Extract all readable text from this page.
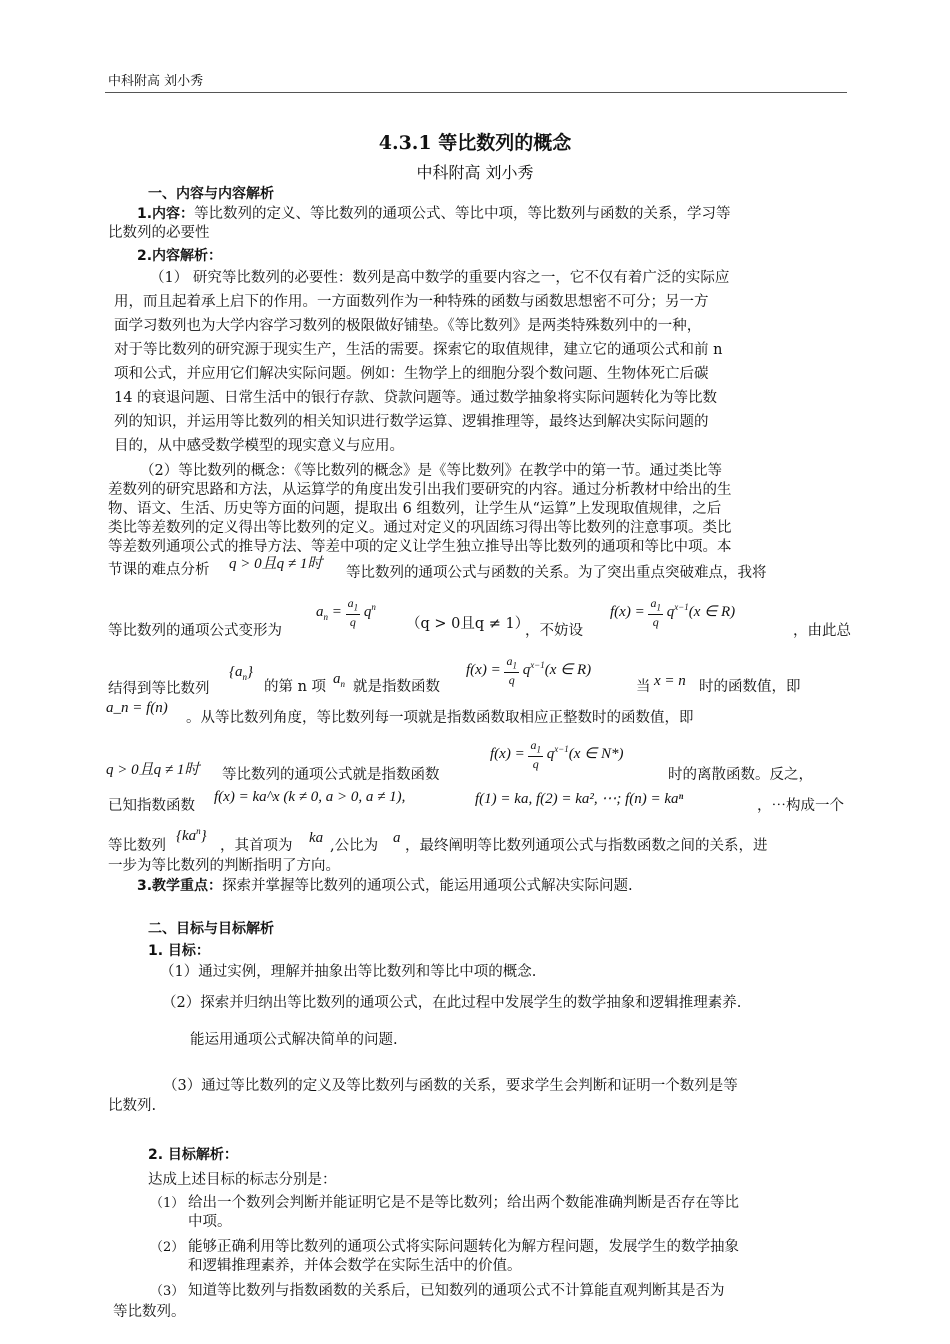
中科附高 刘小秀
4.3.1 等比数列的概念
中科附高 刘小秀
一、内容与内容解析
1.内容：等比数列的定义、等比数列的通项公式、等比中项，等比数列与函数的关系，学习等
比数列的必要性
2.内容解析：
（1） 研究等比数列的必要性：数列是高中数学的重要内容之一，它不仅有着广泛的实际应
用，而且起着承上启下的作用。一方面数列作为一种特殊的函数与函数思想密不可分；另一方
面学习数列也为大学内容学习数列的极限做好铺垫。《等比数列》是两类特殊数列中的一种，
对于等比数列的研究源于现实生产，生活的需要。探索它的取值规律，建立它的通项公式和前 n
项和公式，并应用它们解决实际问题。例如：生物学上的细胞分裂个数问题、生物体死亡后碳
14 的衰退问题、日常生活中的银行存款、贷款问题等。通过数学抽象将实际问题转化为等比数
列的知识，并运用等比数列的相关知识进行数学运算、逻辑推理等，最终达到解决实际问题的
目的，从中感受数学模型的现实意义与应用。
（2）等比数列的概念：《等比数列的概念》是《等比数列》在教学中的第一节。通过类比等
差数列的研究思路和方法，从运算学的角度出发引出我们要研究的内容。通过分析教材中给出的生
物、语文、生活、历史等方面的问题，提取出 6 组数列，让学生从“运算”上发现取值规律，之后
类比等差数列的定义得出等比数列的定义。通过对定义的巩固练习得出等比数列的注意事项。类比
等差数列通项公式的推导方法、等差中项的定义让学生独立推导出等比数列的通项和等比中项。本
节课的难点分析 q > 0且q ≠ 1时
等比数列的通项公式与函数的关系。为了突出重点突破难点，我将
$a_n = \frac{a_1}{q} q^n$	$f(x) = \frac{a_1}{q} q^{x-1}(x$ ∈ R)
等比数列的通项公式变形为	（q > 0且q ≠ 1）
，不妨设	，由此总
结得到等比数列
$\{a_n\}$
的第 n 项 $a_n$ 就是指数函数
$f(x) = \frac{a_1}{q} q^{x-1}(x$ ∈ R)
当 x = n 时的函数值，即
a_n = f(n)
。从等比数列角度，等比数列每一项就是指数函数取相应正整数时的函数值，即
$f(x) = \frac{a_1}{q} q^{x-1}(x$ ∈ N*)
q > 0且q ≠ 1时 等比数列的通项公式就是指数函数	时的离散函数。反之，
已知指数函数
f(x) = ka^x (k ≠ 0, a > 0, a ≠ 1),	f(1) = ka, f(2) = ka², ⋯; f(n) = kaⁿ	，⋯构成一个
等比数列
$\{ka^n\}$
，其首项为 ka ,公比为 a ，最终阐明等比数列通项公式与指数函数之间的关系，进
一步为等比数列的判断指明了方向。
3.教学重点：探索并掌握等比数列的通项公式，能运用通项公式解决实际问题.
二、目标与目标解析
1. 目标：
（1）通过实例，理解并抽象出等比数列和等比中项的概念.
（2）探索并归纳出等比数列的通项公式，在此过程中发展学生的数学抽象和逻辑推理素养.
能运用通项公式解决简单的问题.
（3）通过等比数列的定义及等比数列与函数的关系，要求学生会判断和证明一个数列是等
比数列.
2. 目标解析：
达成上述目标的标志分别是：
（1） 给出一个数列会判断并能证明它是不是等比数列；给出两个数能准确判断是否存在等比
中项。
（2） 能够正确利用等比数列的通项公式将实际问题转化为解方程问题，发展学生的数学抽象
和逻辑推理素养，并体会数学在实际生活中的价值。
（3） 知道等比数列与指数函数的关系后，已知数列的通项公式不计算能直观判断其是否为
等比数列。
